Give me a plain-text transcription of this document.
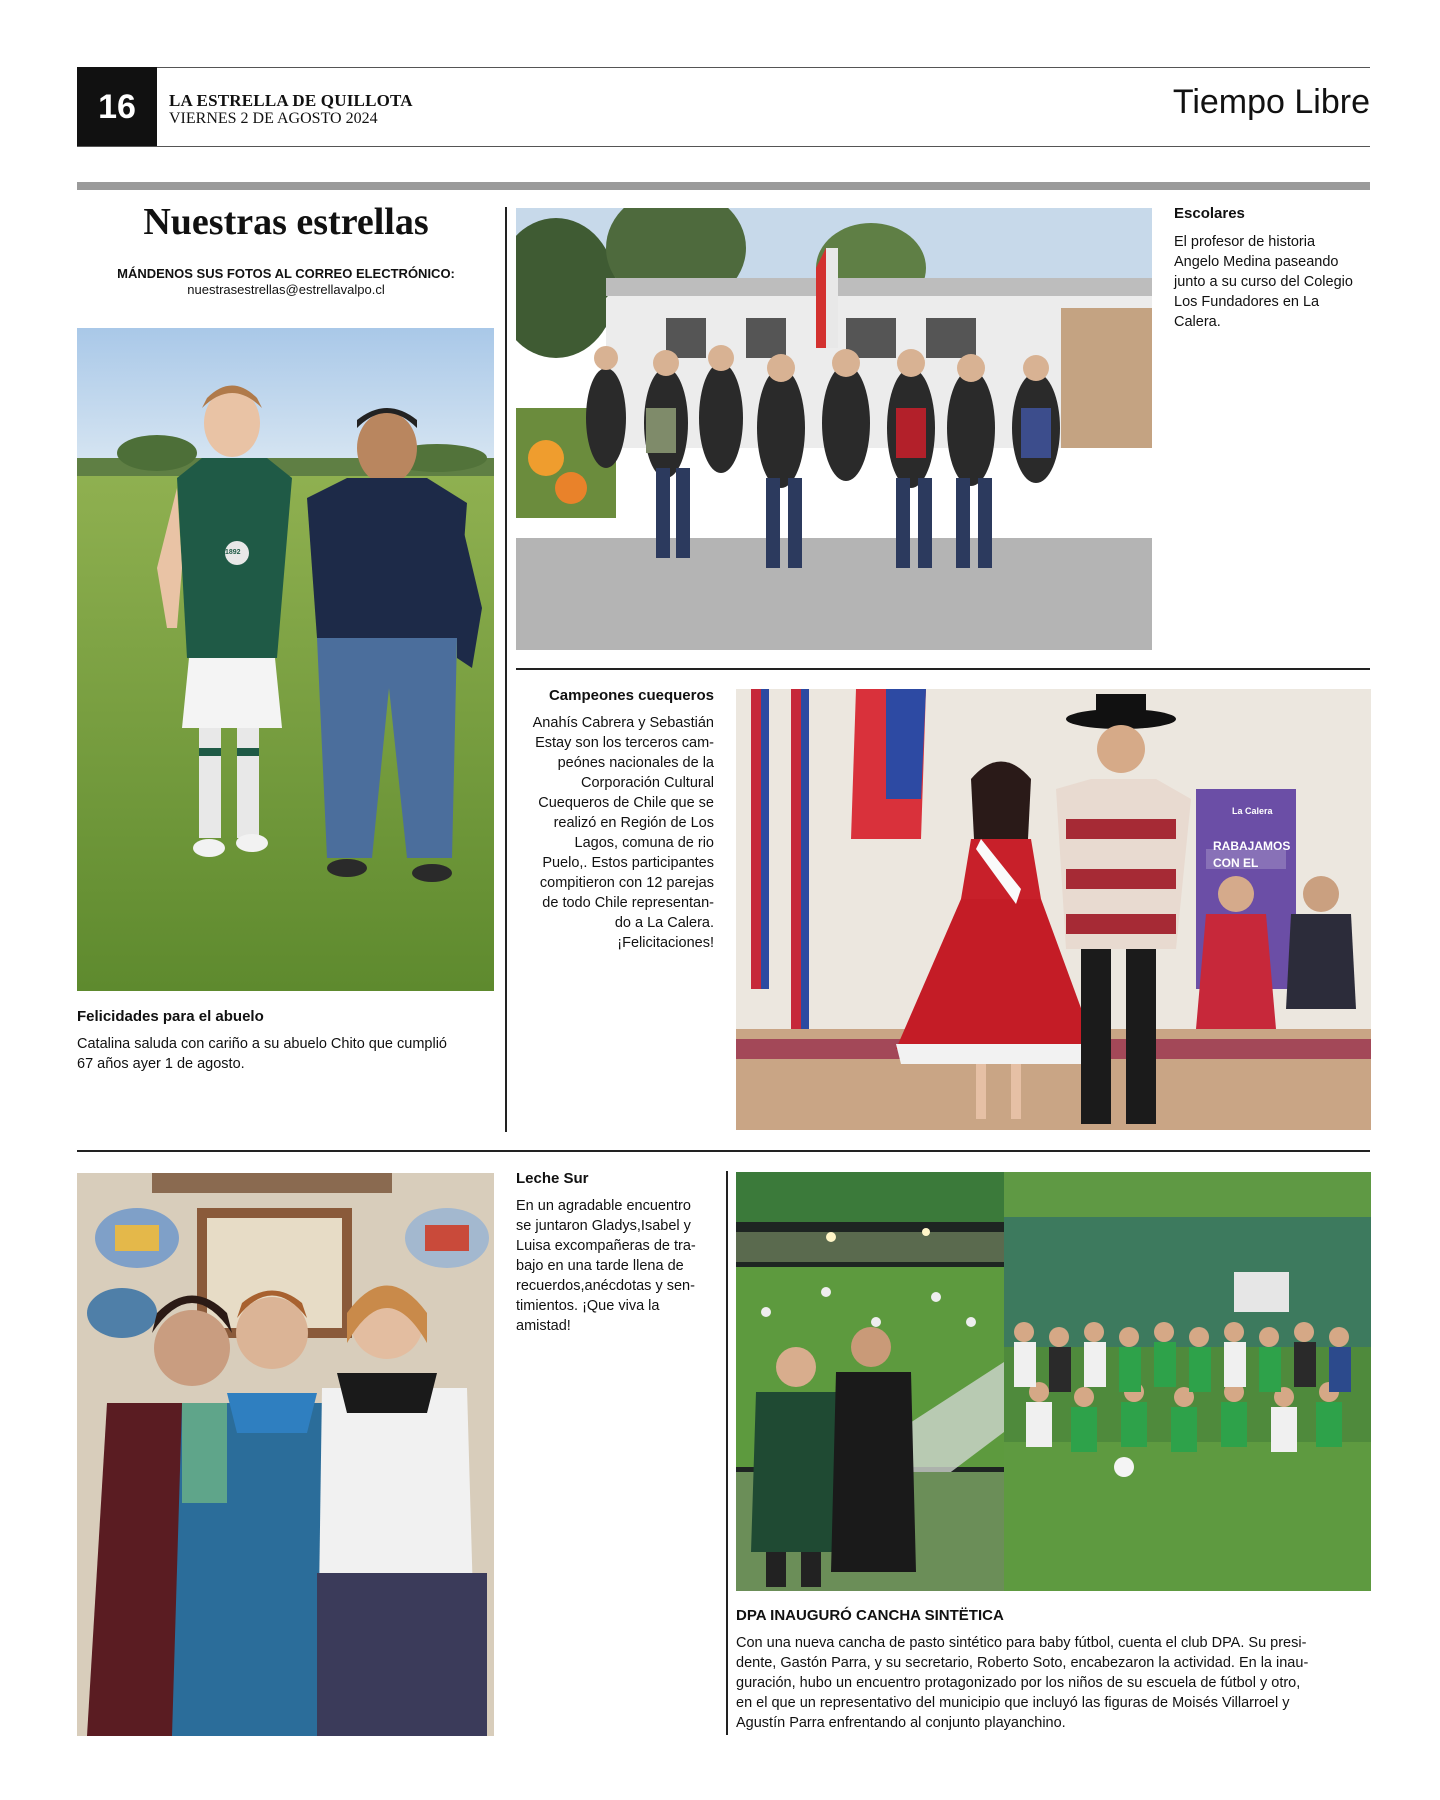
16	LA ESTRELLA DE QUILLOTA
VIERNES 2 DE AGOSTO 2024	Tiempo Libre
Nuestras estrellas
MÁNDENOS SUS FOTOS AL CORREO ELECTRÓNICO:
nuestrasestrellas@estrellavalpo.cl
1892
Felicidades para el abuelo
Catalina saluda con cariño a su abuelo Chito que cumplió
67 años ayer 1 de agosto.
Escolares
El profesor de historia
Angelo Medina paseando
junto a su curso del Colegio
Los Fundadores en La
Calera.
Campeones cuequeros
Anahís Cabrera y Sebastián
Estay son los terceros cam-
peónes nacionales de la
Corporación Cultural
Cuequeros de Chile que se
realizó en Región de Los
Lagos, comuna de rio
Puelo,. Estos participantes
compitieron con 12 parejas
de todo Chile representan-
do a La Calera.
¡Felicitaciones!
La Calera
RABAJAMOS
CON EL
Leche Sur
En un agradable encuentro
se juntaron Gladys,Isabel y
Luisa excompañeras de tra-
bajo en una tarde llena de
recuerdos,anécdotas y sen-
timientos. ¡Que viva la
amistad!
DPA INAUGURÓ CANCHA SINTËTICA
Con una nueva cancha de pasto sintético para baby fútbol, cuenta el club DPA. Su presi-
dente, Gastón Parra, y su secretario, Roberto Soto, encabezaron la actividad. En la inau-
guración, hubo un encuentro protagonizado por los niños de su escuela de fútbol y otro,
en el que un representativo del municipio que incluyó las figuras de Moisés Villarroel y
Agustín Parra enfrentando al conjunto playanchino.
